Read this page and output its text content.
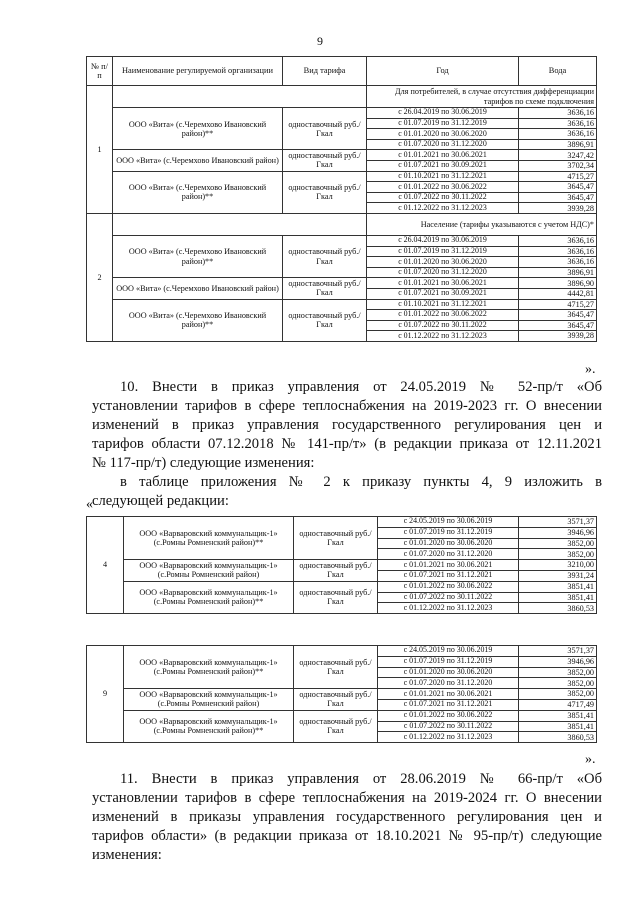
9
№ п/п	Наименование регулируемой организации	Вид тарифа	Год	Вода
1			Для потребителей, в случае отсутствия дифференциации тарифов по схеме подключения	
	ООО «Вита» (с.Черемхово Ивановский район)**	одноставочный руб./Гкал	с 26.04.2019 по 30.06.2019	3636,16
			с 01.07.2019 по 31.12.2019	3636,16
			с 01.01.2020 по 30.06.2020	3636,16
			с 01.07.2020 по 31.12.2020	3896,91
	ООО «Вита» (с.Черемхово Ивановский район)	одноставочный руб./Гкал	с 01.01.2021 по 30.06.2021	3247,42
			с 01.07.2021 по 30.09.2021	3702,34
	ООО «Вита» (с.Черемхово Ивановский район)**	одноставочный руб./Гкал	с 01.10.2021 по 31.12.2021	4715,27
			с 01.01.2022 по 30.06.2022	3645,47
			с 01.07.2022 по 30.11.2022	3645,47
			с 01.12.2022 по 31.12.2023	3939,28
2			Население (тарифы указываются с учетом НДС)*	
	ООО «Вита» (с.Черемхово Ивановский район)**	одноставочный руб./Гкал	с 26.04.2019 по 30.06.2019	3636,16
			с 01.07.2019 по 31.12.2019	3636,16
			с 01.01.2020 по 30.06.2020	3636,16
			с 01.07.2020 по 31.12.2020	3896,91
	ООО «Вита» (с.Черемхово Ивановский район)	одноставочный руб./Гкал	с 01.01.2021 по 30.06.2021	3896,90
			с 01.07.2021 по 30.09.2021	4442,81
	ООО «Вита» (с.Черемхово Ивановский район)**	одноставочный руб./Гкал	с 01.10.2021 по 31.12.2021	4715,27
			с 01.01.2022 по 30.06.2022	3645,47
			с 01.07.2022 по 30.11.2022	3645,47
			с 01.12.2022 по 31.12.2023	3939,28
».
10. Внести в приказ управления от 24.05.2019 № 52-пр/т «Об
установлении тарифов в сфере теплоснабжения на 2019-2023 гг. О внесении
изменений в приказ управления государственного регулирования цен и
тарифов области 07.12.2018 № 141-пр/т» (в редакции приказа от 12.11.2021
№ 117-пр/т) следующие изменения:
в таблице приложения № 2 к приказу пункты 4, 9 изложить в
следующей редакции:
«
4	ООО «Варваровский коммунальщик-1» (с.Ромны Ромненский район)**	одноставочный руб./Гкал	с 24.05.2019 по 30.06.2019	3571,37
			с 01.07.2019 по 31.12.2019	3946,96
			с 01.01.2020 по 30.06.2020	3852,00
			с 01.07.2020 по 31.12.2020	3852,00
	ООО «Варваровский коммунальщик-1» (с.Ромны Ромненский район)	одноставочный руб./Гкал	с 01.01.2021 по 30.06.2021	3210,00
			с 01.07.2021 по 31.12.2021	3931,24
	ООО «Варваровский коммунальщик-1» (с.Ромны Ромненский район)**	одноставочный руб./Гкал	с 01.01.2022 по 30.06.2022	3851,41
			с 01.07.2022 по 30.11.2022	3851,41
			с 01.12.2022 по 31.12.2023	3860,53
9	ООО «Варваровский коммунальщик-1» (с.Ромны Ромненский район)**	одноставочный руб./Гкал	с 24.05.2019 по 30.06.2019	3571,37
			с 01.07.2019 по 31.12.2019	3946,96
			с 01.01.2020 по 30.06.2020	3852,00
			с 01.07.2020 по 31.12.2020	3852,00
	ООО «Варваровский коммунальщик-1» (с.Ромны Ромненский район)	одноставочный руб./Гкал	с 01.01.2021 по 30.06.2021	3852,00
			с 01.07.2021 по 31.12.2021	4717,49
	ООО «Варваровский коммунальщик-1» (с.Ромны Ромненский район)**	одноставочный руб./Гкал	с 01.01.2022 по 30.06.2022	3851,41
			с 01.07.2022 по 30.11.2022	3851,41
			с 01.12.2022 по 31.12.2023	3860,53
».
11. Внести в приказ управления от 28.06.2019 № 66-пр/т «Об
установлении тарифов в сфере теплоснабжения на 2019-2024 гг. О внесении
изменений в приказы управления государственного регулирования цен и
тарифов области» (в редакции приказа от 18.10.2021 № 95-пр/т) следующие
изменения:
